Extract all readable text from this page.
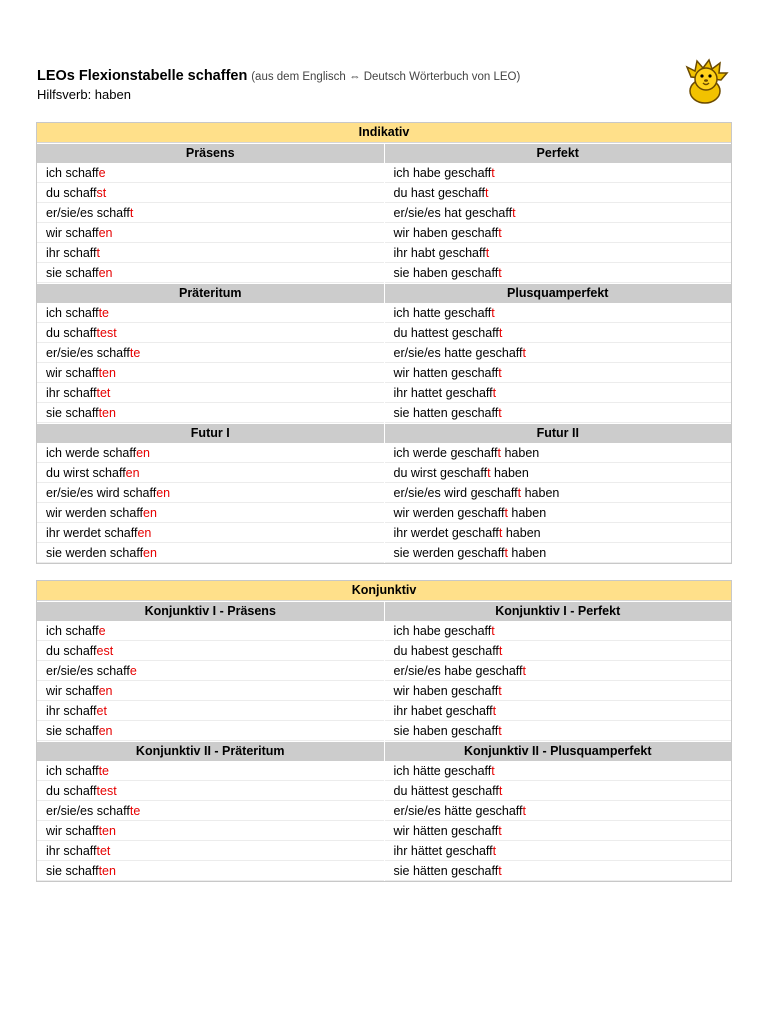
LEOs Flexionstabelle schaffen (aus dem Englisch ⇔ Deutsch Wörterbuch von LEO)
Hilfsverb: haben
Indikativ
Präsens
ich schaffe
du schaffst
er/sie/es schafft
wir schaffen
ihr schafft
sie schaffen
Perfekt
ich habe geschafft
du hast geschafft
er/sie/es hat geschafft
wir haben geschafft
ihr habt geschafft
sie haben geschafft
Präteritum
ich schaffte
du schafftest
er/sie/es schaffte
wir schafften
ihr schafftet
sie schafften
Plusquamperfekt
ich hatte geschafft
du hattest geschafft
er/sie/es hatte geschafft
wir hatten geschafft
ihr hattet geschafft
sie hatten geschafft
Futur I
ich werde schaffen
du wirst schaffen
er/sie/es wird schaffen
wir werden schaffen
ihr werdet schaffen
sie werden schaffen
Futur II
ich werde geschafft haben
du wirst geschafft haben
er/sie/es wird geschafft haben
wir werden geschafft haben
ihr werdet geschafft haben
sie werden geschafft haben
Konjunktiv
Konjunktiv I - Präsens
ich schaffe
du schaffest
er/sie/es schaffe
wir schaffen
ihr schaffet
sie schaffen
Konjunktiv I - Perfekt
ich habe geschafft
du habest geschafft
er/sie/es habe geschafft
wir haben geschafft
ihr habet geschafft
sie haben geschafft
Konjunktiv II - Präteritum
ich schaffte
du schafftest
er/sie/es schaffte
wir schafften
ihr schafftet
sie schafften
Konjunktiv II - Plusquamperfekt
ich hätte geschafft
du hättest geschafft
er/sie/es hätte geschafft
wir hätten geschafft
ihr hättet geschafft
sie hätten geschafft
